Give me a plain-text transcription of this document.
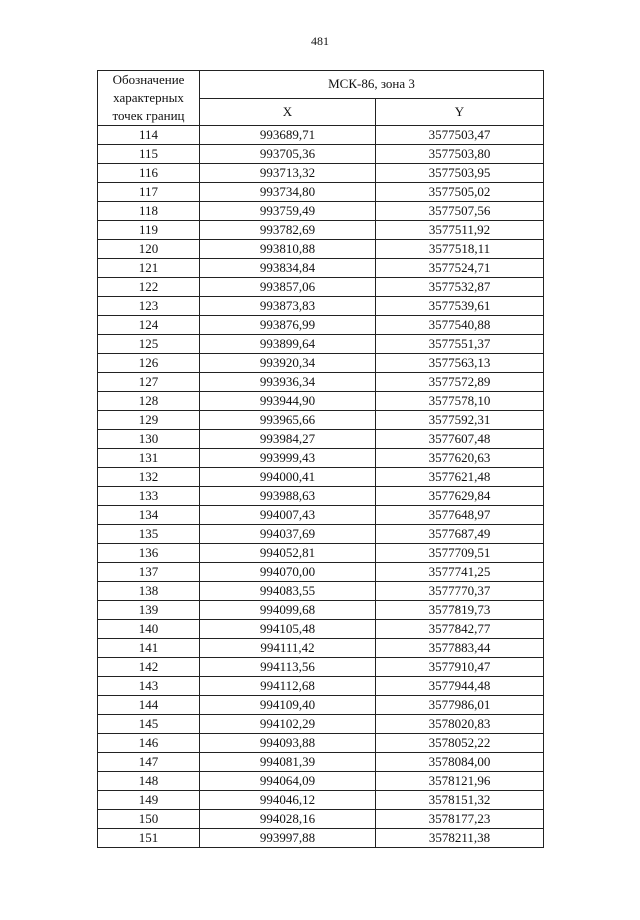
481
Обозначение характерных точек границ	МСК-86, зона 3	
	X	Y
114	993689,71	3577503,47
115	993705,36	3577503,80
116	993713,32	3577503,95
117	993734,80	3577505,02
118	993759,49	3577507,56
119	993782,69	3577511,92
120	993810,88	3577518,11
121	993834,84	3577524,71
122	993857,06	3577532,87
123	993873,83	3577539,61
124	993876,99	3577540,88
125	993899,64	3577551,37
126	993920,34	3577563,13
127	993936,34	3577572,89
128	993944,90	3577578,10
129	993965,66	3577592,31
130	993984,27	3577607,48
131	993999,43	3577620,63
132	994000,41	3577621,48
133	993988,63	3577629,84
134	994007,43	3577648,97
135	994037,69	3577687,49
136	994052,81	3577709,51
137	994070,00	3577741,25
138	994083,55	3577770,37
139	994099,68	3577819,73
140	994105,48	3577842,77
141	994111,42	3577883,44
142	994113,56	3577910,47
143	994112,68	3577944,48
144	994109,40	3577986,01
145	994102,29	3578020,83
146	994093,88	3578052,22
147	994081,39	3578084,00
148	994064,09	3578121,96
149	994046,12	3578151,32
150	994028,16	3578177,23
151	993997,88	3578211,38
